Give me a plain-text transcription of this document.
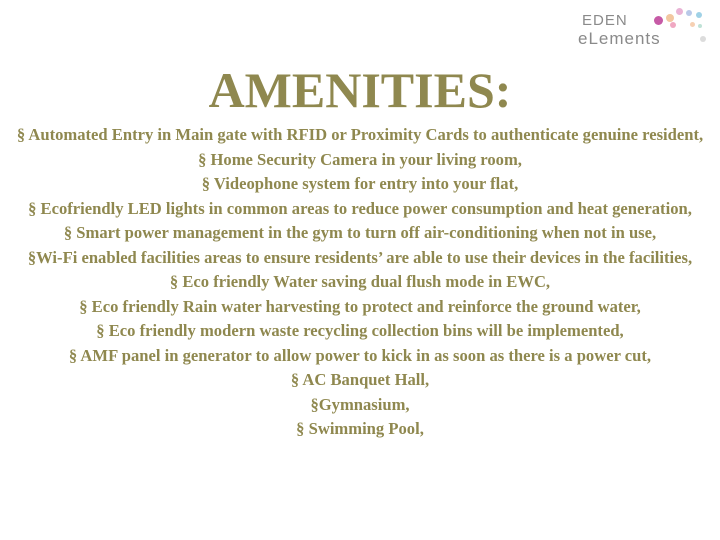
EDEN
eLements
AMENITIES:

§ Automated Entry in Main gate with RFID or Proximity Cards to authenticate genuine resident,

§ Home Security Camera in your living room,

§ Videophone system for entry into your flat,

§ Ecofriendly LED lights in common areas to reduce power consumption and heat generation,

§ Smart power management in the gym to turn off air-conditioning when not in use,

§Wi-Fi enabled facilities areas to ensure residents’ are able to use their devices in the facilities,

§ Eco friendly Water saving dual flush mode in EWC,

§ Eco friendly Rain water harvesting to protect and reinforce the ground water,

§ Eco friendly modern waste recycling collection bins will be implemented,

§ AMF panel in generator to allow power to kick in as soon as there is a power cut,

§ AC Banquet Hall,

§Gymnasium,

§ Swimming Pool,
